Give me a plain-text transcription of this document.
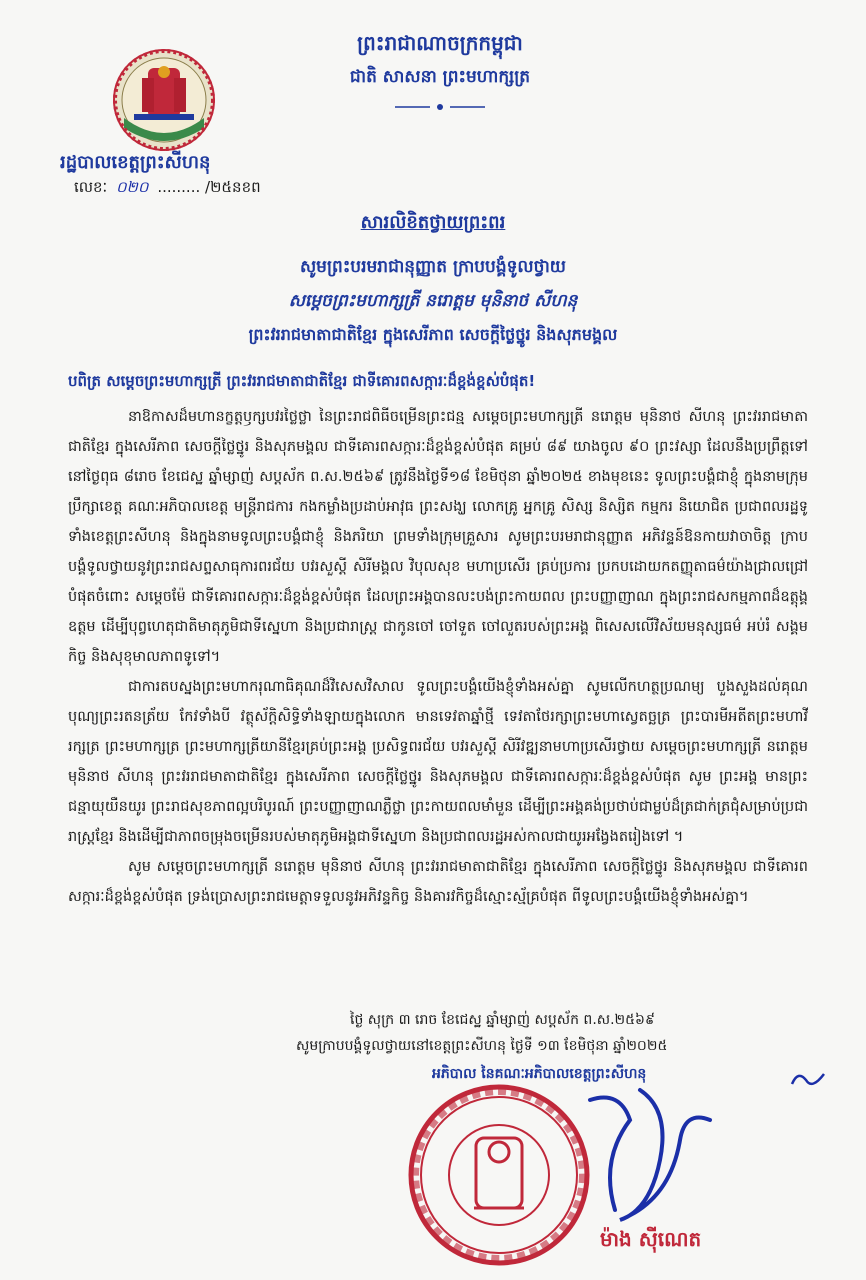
ព្រះរាជាណាចក្រកម្ពុជា
ជាតិ សាសនា ព្រះមហាក្សត្រ
រដ្ឋបាលខេត្តព្រះសីហនុ
លេខៈ ០២០ ......... /២៥នខព
សារលិខិតថ្វាយព្រះពរ
សូមព្រះបរមរាជានុញ្ញាត ក្រាបបង្គំទូលថ្វាយ
សម្តេចព្រះមហាក្សត្រី នរោត្តម មុនិនាថ សីហនុ
ព្រះវររាជមាតាជាតិខ្មែរ ក្នុងសេរីភាព សេចក្តីថ្លៃថ្នូរ និងសុភមង្គល
បពិត្រ សម្តេចព្រះមហាក្សត្រី ព្រះវររាជមាតាជាតិខ្មែរ ជាទីគោរពសក្ការៈដ៏ខ្ពង់ខ្ពស់បំផុត!

នាឱកាសដ៏មហានក្ខត្តឫក្សបវរថ្លៃថ្លា នៃព្រះរាជពិធីចម្រើនព្រះជន្ម សម្តេចព្រះមហាក្សត្រី នរោត្តម មុនិនាថ សីហនុ ព្រះវររាជមាតាជាតិខ្មែរ ក្នុងសេរីភាព សេចក្តីថ្លៃថ្នូរ និងសុភមង្គល ជាទីគោរពសក្ការៈដ៏ខ្ពង់ខ្ពស់បំផុត គម្រប់ ៨៩ យាងចូល ៩០ ព្រះវស្សា ដែលនឹងប្រព្រឹត្តទៅនៅថ្ងៃពុធ ៨រោច ខែជេស្ឋ ឆ្នាំម្សាញ់ សប្តស័ក ព.ស.២៥៦៩ ត្រូវនឹងថ្ងៃទី១៨ ខែមិថុនា ឆ្នាំ២០២៥ ខាងមុខនេះ ទូលព្រះបង្គំជាខ្ញុំ ក្នុងនាមក្រុមប្រឹក្សាខេត្ត គណៈអភិបាលខេត្ត មន្ត្រីរាជការ កងកម្លាំងប្រដាប់អាវុធ ព្រះសង្ឃ លោកគ្រូ អ្នកគ្រូ សិស្ស និស្សិត កម្មករ និយោជិត ប្រជាពលរដ្ឋទូទាំងខេត្តព្រះសីហនុ និងក្នុងនាមទូលព្រះបង្គំជាខ្ញុំ និងភរិយា ព្រមទាំងក្រុមគ្រួសារ សូមព្រះបរមរាជានុញ្ញាត អភិវន្ទន៍ឱនកាយវាចាចិត្ត ក្រាបបង្គំទូលថ្វាយនូវព្រះរាជសព្ទសាធុការពរជ័យ បវរសួស្តី សិរីមង្គល វិបុលសុខ មហាប្រសើរ គ្រប់ប្រការ ប្រកបដោយកតញ្ញុតាធម៌យ៉ាងជ្រាលជ្រៅបំផុតចំពោះ សម្តេចម៉ែ ជាទីគោរពសក្ការៈដ៏ខ្ពង់ខ្ពស់បំផុត ដែលព្រះអង្គបានលះបង់ព្រះកាយពល ព្រះបញ្ញាញាណ ក្នុងព្រះរាជសកម្មភាពដ៏ឧត្តុង្គឧត្តម ដើម្បីបុព្វហេតុជាតិមាតុភូមិជាទីស្នេហា និងប្រជារាស្ត្រ ជាកូនចៅ ចៅទួត ចៅលួតរបស់ព្រះអង្គ ពិសេសលើវិស័យមនុស្សធម៌ អប់រំ សង្គមកិច្ច និងសុខុមាលភាពទូទៅ។

ជាការតបស្នងព្រះមហាករុណាធិគុណដ៏វិសេសវិសាល ទូលព្រះបង្គំយើងខ្ញុំទាំងអស់គ្នា សូមលើកហត្ថប្រណម្យ បួងសួងដល់គុណបុណ្យព្រះរតនត្រ័យ កែវទាំងបី វត្ថុស័ក្តិសិទ្ធិទាំងឡាយក្នុងលោក មានទេវតាឆ្នាំថ្មី ទេវតាថែរក្សាព្រះមហាស្វេតច្ឆត្រ ព្រះបារមីអតីតព្រះមហាវីរក្សត្រ ព្រះមហាក្សត្រ ព្រះមហាក្សត្រីយានីខ្មែរគ្រប់ព្រះអង្គ ប្រសិទ្ធពរជ័យ បវរសួស្តី សិរីវឌ្ឍនាមហាប្រសើរថ្វាយ សម្តេចព្រះមហាក្សត្រី នរោត្តម មុនិនាថ សីហនុ ព្រះវររាជមាតាជាតិខ្មែរ ក្នុងសេរីភាព សេចក្តីថ្លៃថ្នូរ និងសុភមង្គល ជាទីគោរពសក្ការៈដ៏ខ្ពង់ខ្ពស់បំផុត សូម ព្រះអង្គ មានព្រះជន្មាយុយឺនយូរ ព្រះរាជសុខភាពល្អបរិបូរណ៍ ព្រះបញ្ញាញាណភ្លឺថ្លា ព្រះកាយពលមាំមួន ដើម្បីព្រះអង្គគង់ប្រថាប់ជាម្លប់ដ៏ត្រជាក់ត្រជុំសម្រាប់ប្រជារាស្ត្រខ្មែរ និងដើម្បីជាភាពចម្រុងចម្រើនរបស់មាតុភូមិអង្គជាទីស្នេហា និងប្រជាពលរដ្ឋអស់កាលជាយូរអង្វែងតរៀងទៅ ។

សូម សម្តេចព្រះមហាក្សត្រី នរោត្តម មុនិនាថ សីហនុ ព្រះវររាជមាតាជាតិខ្មែរ ក្នុងសេរីភាព សេចក្តីថ្លៃថ្នូរ និងសុភមង្គល ជាទីគោរពសក្ការៈដ៏ខ្ពង់ខ្ពស់បំផុត ទ្រង់ប្រោសព្រះរាជមេត្តាទទួលនូវអភិវន្ទកិច្ច និងគារវកិច្ចដ៏ស្មោះស្ម័គ្របំផុត ពីទូលព្រះបង្គំយើងខ្ញុំទាំងអស់គ្នា។

ថ្ងៃ សុក្រ ៣ រោច ខែជេស្ឋ ឆ្នាំម្សាញ់ សប្តស័ក ព.ស.២៥៦៩
សូមក្រាបបង្គំទូលថ្វាយនៅខេត្តព្រះសីហនុ ថ្ងៃទី ១៣ ខែមិថុនា ឆ្នាំ២០២៥
អភិបាល នៃគណៈអភិបាលខេត្តព្រះសីហនុ
ម៉ាង ស៊ីណេត
